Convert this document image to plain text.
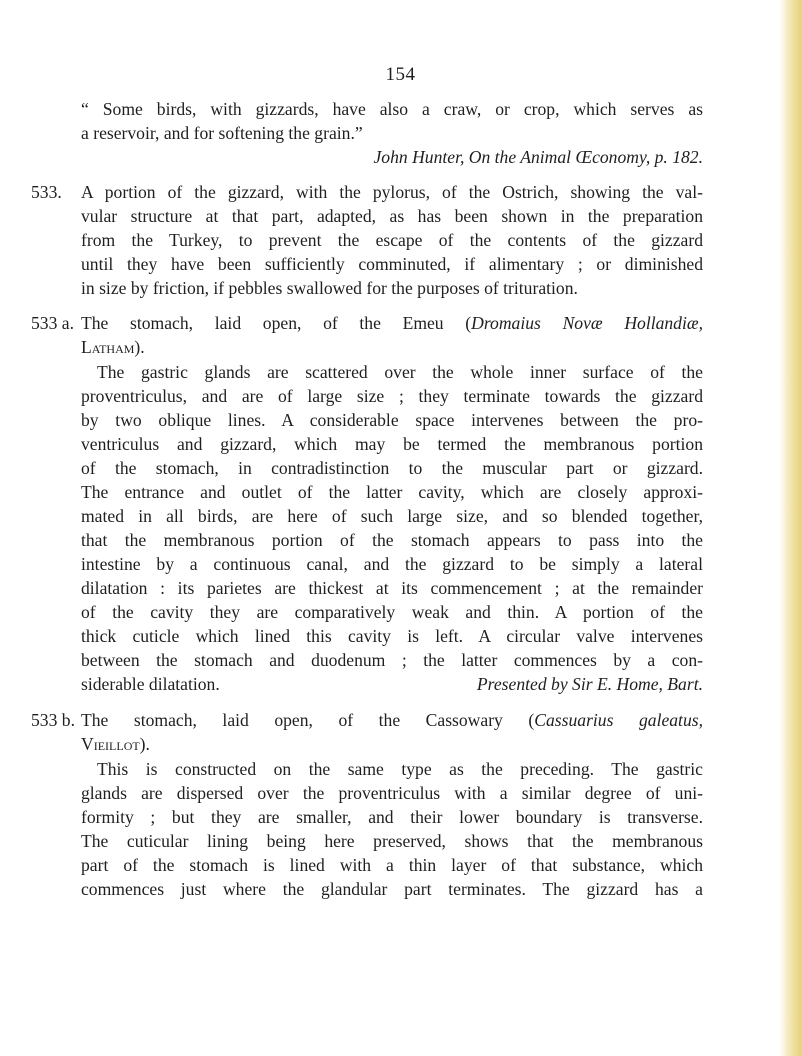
154
“ Some birds, with gizzards, have also a craw, or crop, which serves as
a reservoir, and for softening the grain.”
John Hunter, On the Animal Œconomy, p. 182.
533. A portion of the gizzard, with the pylorus, of the Ostrich, showing the val-
vular structure at that part, adapted, as has been shown in the preparation
from the Turkey, to prevent the escape of the contents of the gizzard
until they have been sufficiently comminuted, if alimentary ; or diminished
in size by friction, if pebbles swallowed for the purposes of trituration.
533 a. The stomach, laid open, of the Emeu (Dromaius Novæ Hollandiæ,
Latham).
The gastric glands are scattered over the whole inner surface of the
proventriculus, and are of large size ; they terminate towards the gizzard
by two oblique lines. A considerable space intervenes between the pro-
ventriculus and gizzard, which may be termed the membranous portion
of the stomach, in contradistinction to the muscular part or gizzard.
The entrance and outlet of the latter cavity, which are closely approxi-
mated in all birds, are here of such large size, and so blended together,
that the membranous portion of the stomach appears to pass into the
intestine by a continuous canal, and the gizzard to be simply a lateral
dilatation : its parietes are thickest at its commencement ; at the remainder
of the cavity they are comparatively weak and thin. A portion of the
thick cuticle which lined this cavity is left. A circular valve intervenes
between the stomach and duodenum ; the latter commences by a con-
siderable dilatation.	Presented by Sir E. Home, Bart.
533 b. The stomach, laid open, of the Cassowary (Cassuarius galeatus,
Vieillot).
This is constructed on the same type as the preceding. The gastric
glands are dispersed over the proventriculus with a similar degree of uni-
formity ; but they are smaller, and their lower boundary is transverse.
The cuticular lining being here preserved, shows that the membranous
part of the stomach is lined with a thin layer of that substance, which
commences just where the glandular part terminates. The gizzard has a
